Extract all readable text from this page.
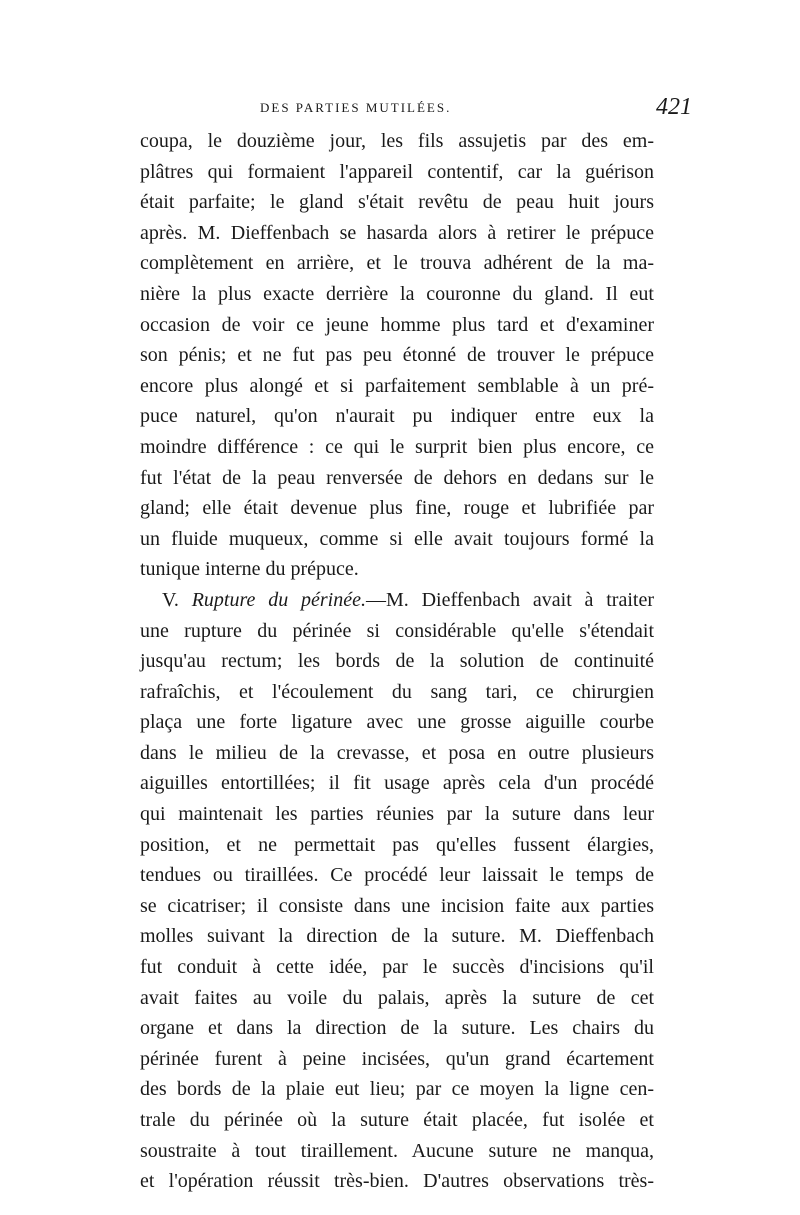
DES PARTIES MUTILÉES.	421
coupa, le douzième jour, les fils assujetis par des em-
plâtres qui formaient l'appareil contentif, car la guérison
était parfaite; le gland s'était revêtu de peau huit jours
après. M. Dieffenbach se hasarda alors à retirer le prépuce
complètement en arrière, et le trouva adhérent de la ma-
nière la plus exacte derrière la couronne du gland. Il eut
occasion de voir ce jeune homme plus tard et d'examiner
son pénis; et ne fut pas peu étonné de trouver le prépuce
encore plus alongé et si parfaitement semblable à un pré-
puce naturel, qu'on n'aurait pu indiquer entre eux la
moindre différence : ce qui le surprit bien plus encore, ce
fut l'état de la peau renversée de dehors en dedans sur le
gland; elle était devenue plus fine, rouge et lubrifiée par
un fluide muqueux, comme si elle avait toujours formé la
tunique interne du prépuce.
V. Rupture du périnée.—M. Dieffenbach avait à traiter
une rupture du périnée si considérable qu'elle s'étendait
jusqu'au rectum; les bords de la solution de continuité
rafraîchis, et l'écoulement du sang tari, ce chirurgien
plaça une forte ligature avec une grosse aiguille courbe
dans le milieu de la crevasse, et posa en outre plusieurs
aiguilles entortillées; il fit usage après cela d'un procédé
qui maintenait les parties réunies par la suture dans leur
position, et ne permettait pas qu'elles fussent élargies,
tendues ou tiraillées. Ce procédé leur laissait le temps de
se cicatriser; il consiste dans une incision faite aux parties
molles suivant la direction de la suture. M. Dieffenbach
fut conduit à cette idée, par le succès d'incisions qu'il
avait faites au voile du palais, après la suture de cet
organe et dans la direction de la suture. Les chairs du
périnée furent à peine incisées, qu'un grand écartement
des bords de la plaie eut lieu; par ce moyen la ligne cen-
trale du périnée où la suture était placée, fut isolée et
soustraite à tout tiraillement. Aucune suture ne manqua,
et l'opération réussit très-bien. D'autres observations très-
